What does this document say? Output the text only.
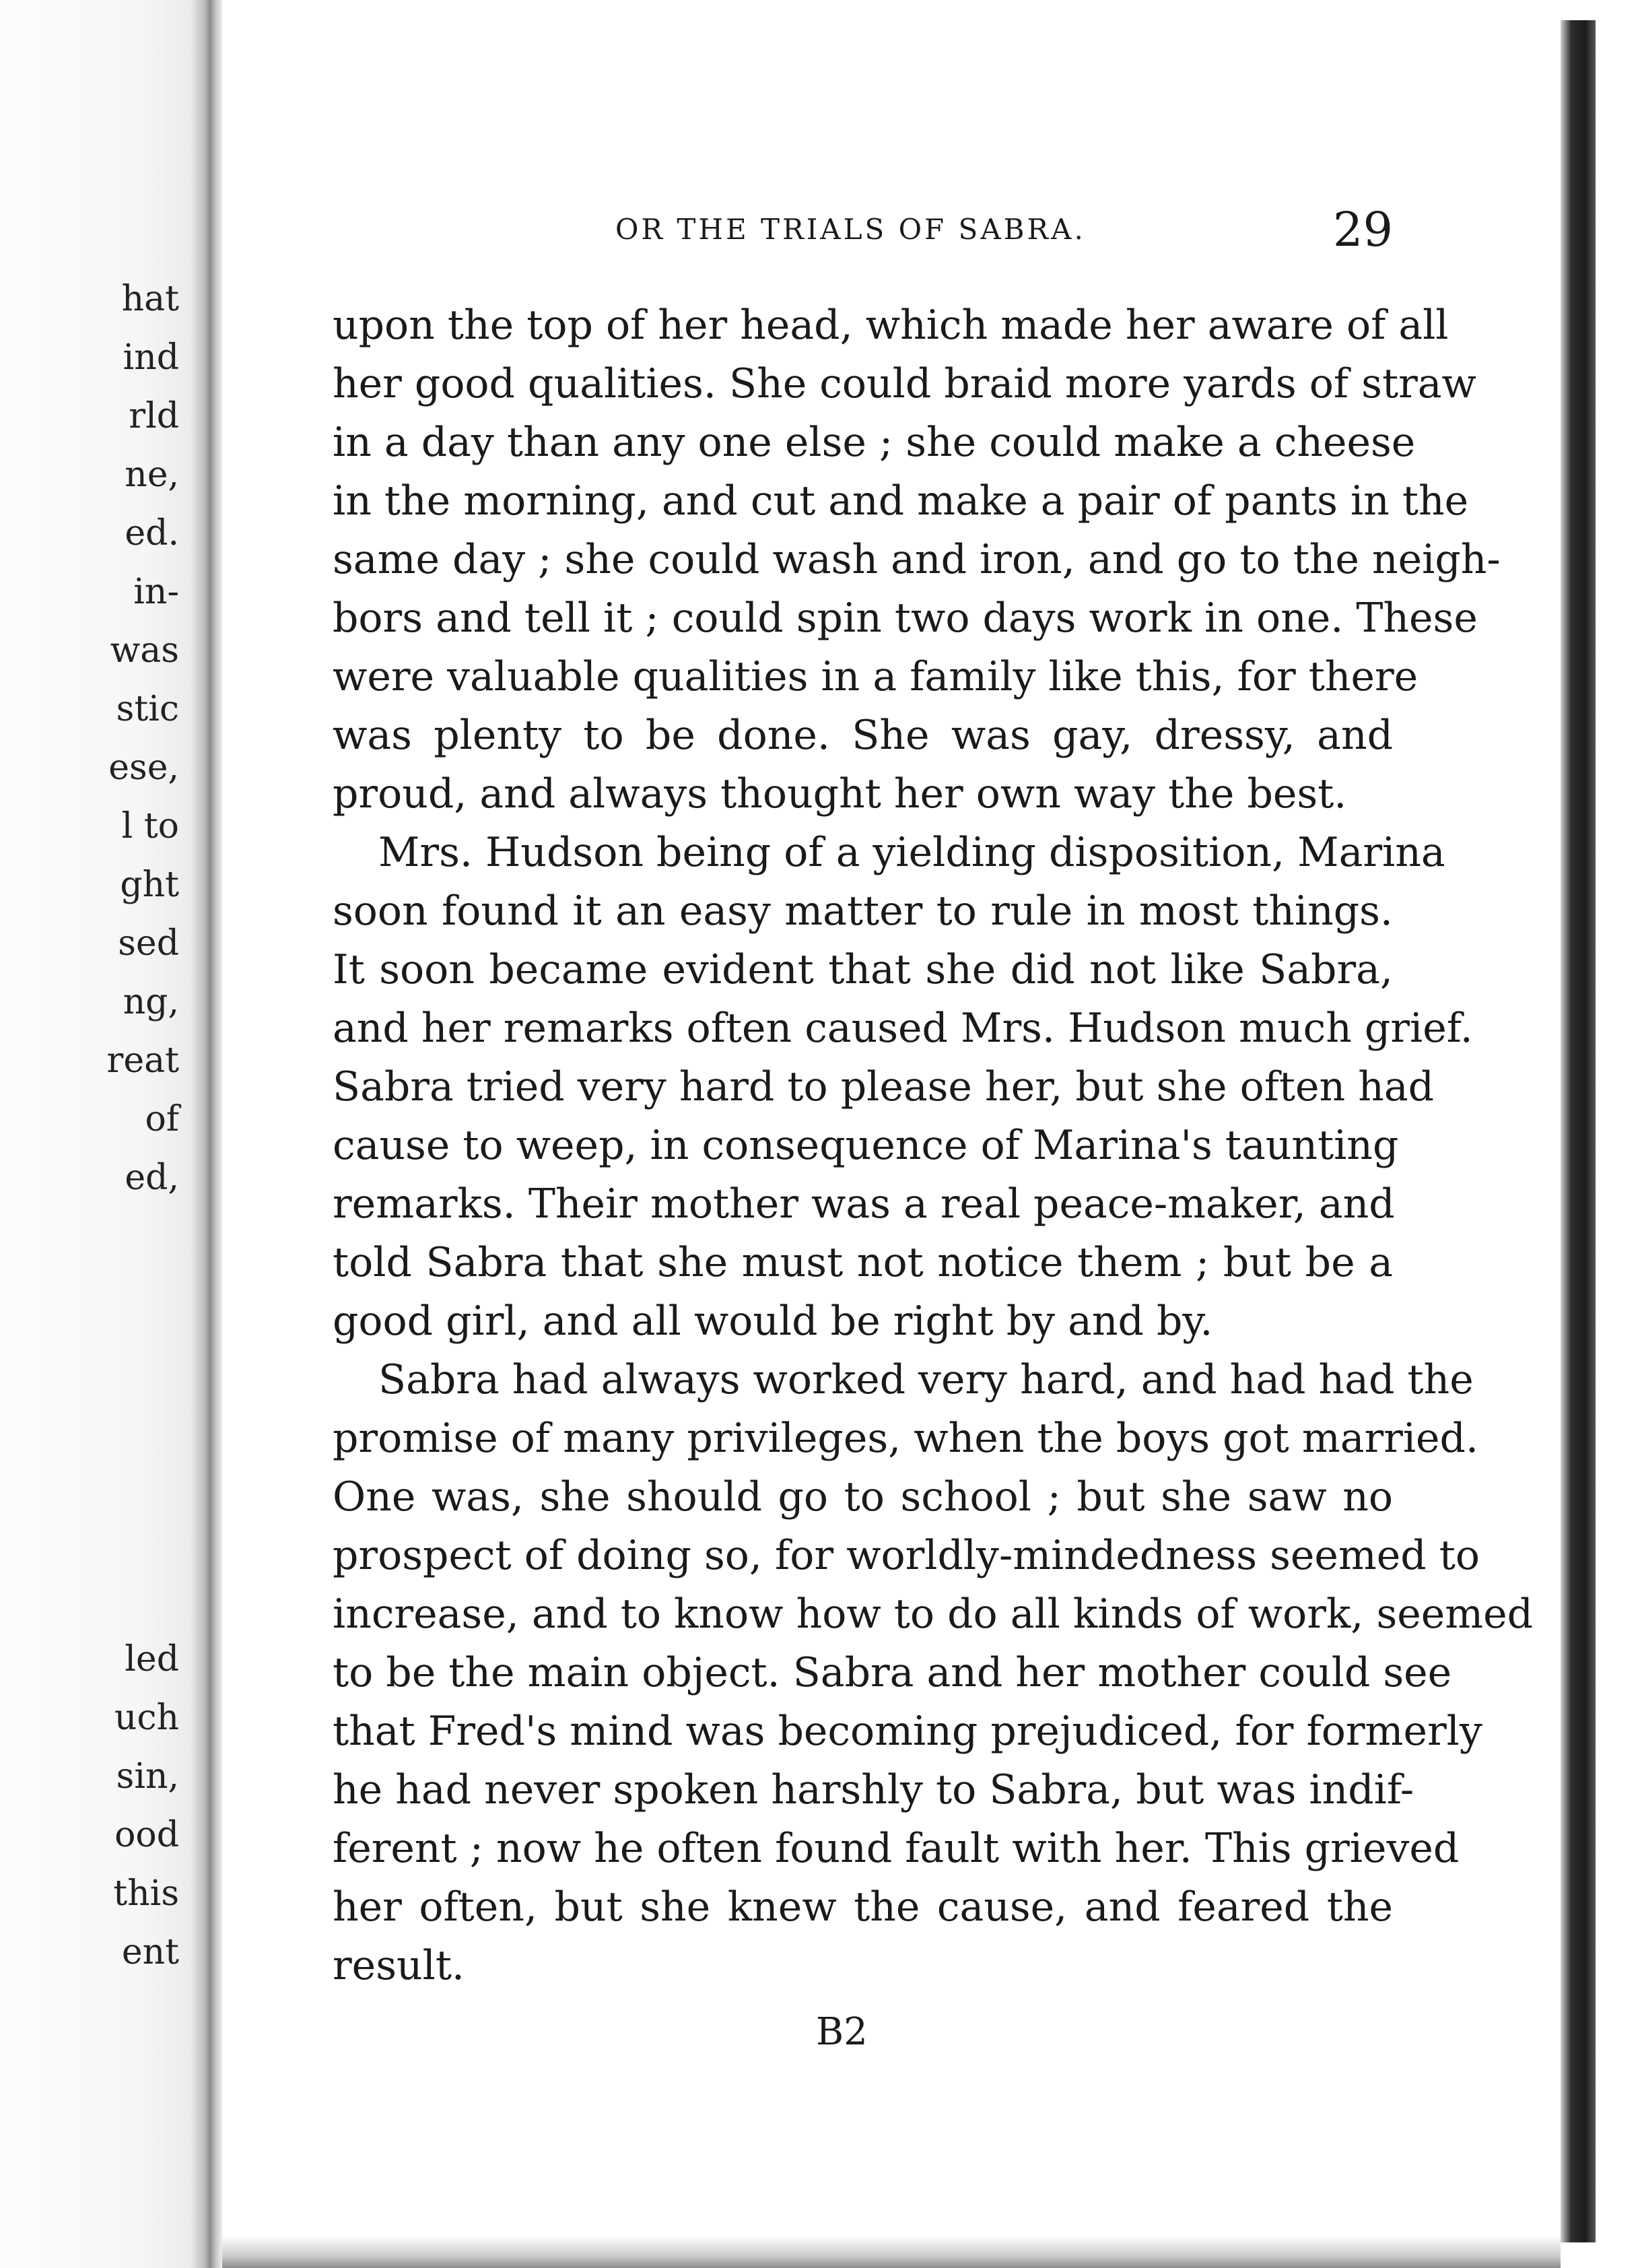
hat
ind
rld
ne,
ed.
in-
was
stic
ese,
l to
ght
sed
ng,
reat
of
ed,
led
uch
sin,
ood
this
ent
OR THE TRIALS OF SABRA.	29
upon the top of her head, which made her aware of all
her good qualities. She could braid more yards of straw
in a day than any one else ; she could make a cheese
in the morning, and cut and make a pair of pants in the
same day ; she could wash and iron, and go to the neigh-
bors and tell it ; could spin two days work in one. These
were valuable qualities in a family like this, for there
was plenty to be done. She was gay, dressy, and
proud, and always thought her own way the best.
Mrs. Hudson being of a yielding disposition, Marina
soon found it an easy matter to rule in most things.
It soon became evident that she did not like Sabra,
and her remarks often caused Mrs. Hudson much grief.
Sabra tried very hard to please her, but she often had
cause to weep, in consequence of Marina's taunting
remarks. Their mother was a real peace-maker, and
told Sabra that she must not notice them ; but be a
good girl, and all would be right by and by.
Sabra had always worked very hard, and had had the
promise of many privileges, when the boys got married.
One was, she should go to school ; but she saw no
prospect of doing so, for worldly-mindedness seemed to
increase, and to know how to do all kinds of work, seemed
to be the main object. Sabra and her mother could see
that Fred's mind was becoming prejudiced, for formerly
he had never spoken harshly to Sabra, but was indif-
ferent ; now he often found fault with her. This grieved
her often, but she knew the cause, and feared the
result.
B2
